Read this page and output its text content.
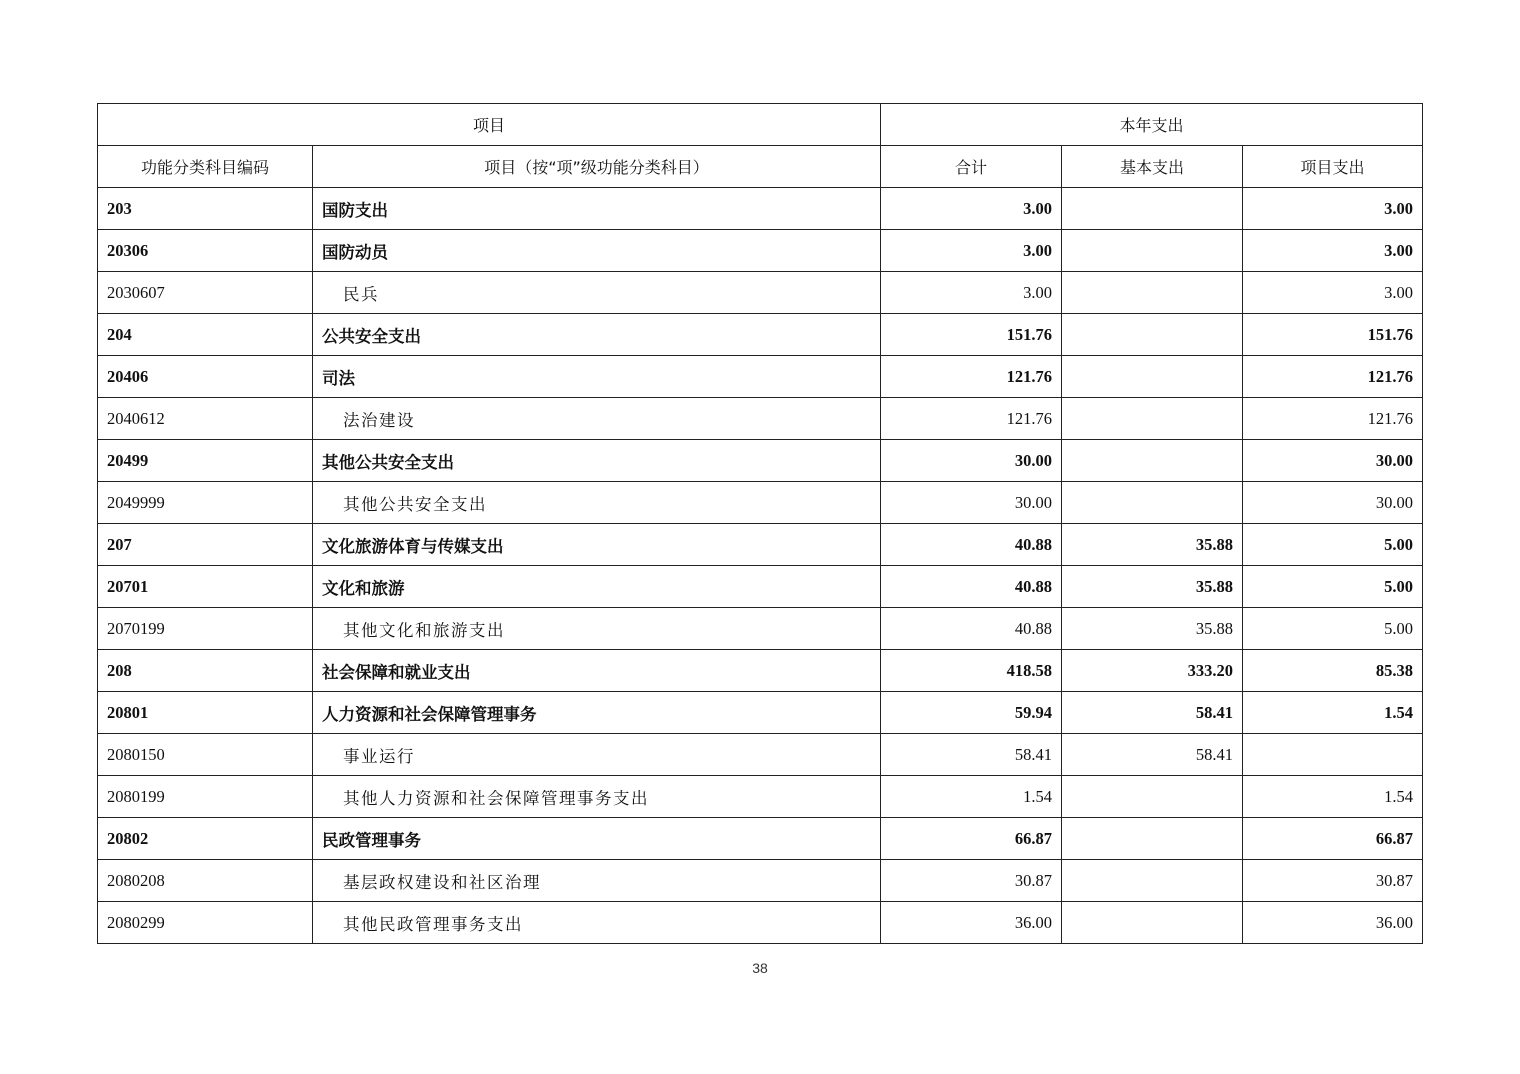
项目		本年支出		
功能分类科目编码	项目（按“项”级功能分类科目）	合计	基本支出	项目支出
203	国防支出	3.00		3.00
20306	国防动员	3.00		3.00
2030607	民兵	3.00		3.00
204	公共安全支出	151.76		151.76
20406	司法	121.76		121.76
2040612	法治建设	121.76		121.76
20499	其他公共安全支出	30.00		30.00
2049999	其他公共安全支出	30.00		30.00
207	文化旅游体育与传媒支出	40.88	35.88	5.00
20701	文化和旅游	40.88	35.88	5.00
2070199	其他文化和旅游支出	40.88	35.88	5.00
208	社会保障和就业支出	418.58	333.20	85.38
20801	人力资源和社会保障管理事务	59.94	58.41	1.54
2080150	事业运行	58.41	58.41	
2080199	其他人力资源和社会保障管理事务支出	1.54		1.54
20802	民政管理事务	66.87		66.87
2080208	基层政权建设和社区治理	30.87		30.87
2080299	其他民政管理事务支出	36.00		36.00
38
